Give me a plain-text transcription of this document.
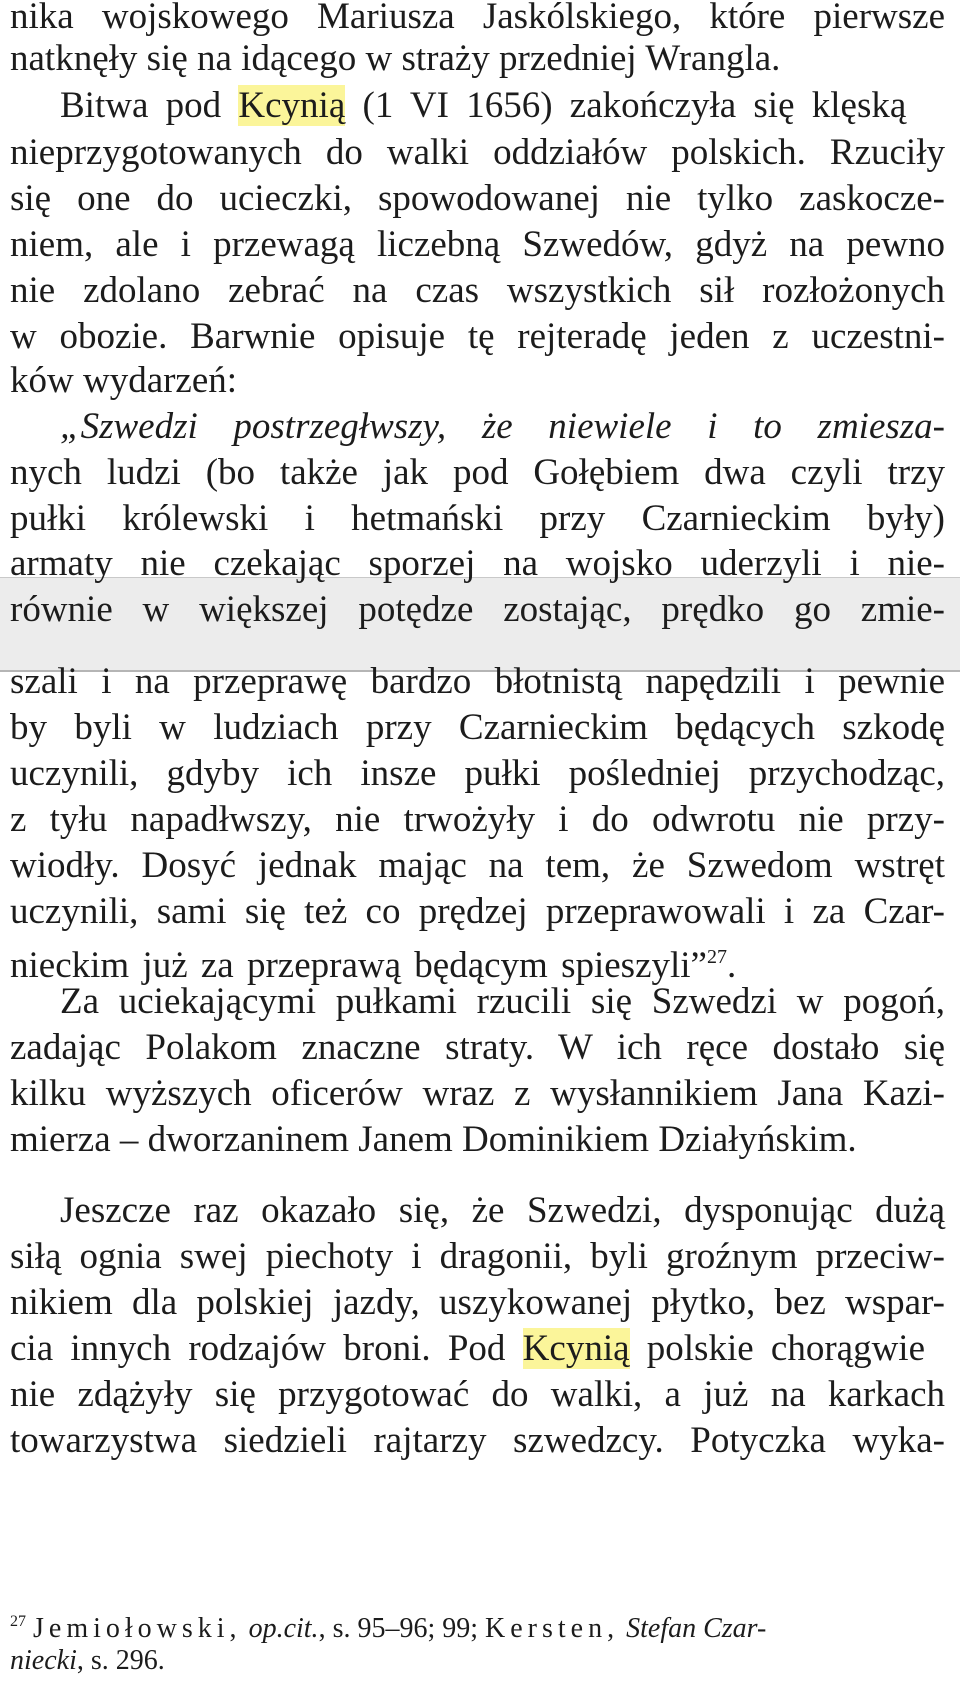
nika wojskowego Mariusza Jaskólskiego, które pierwsze
natknęły się na idącego w straży przedniej Wrangla.
Bitwa pod Kcynią (1 VI 1656) zakończyła się klęską
nieprzygotowanych do walki oddziałów polskich. Rzuciły
się one do ucieczki, spowodowanej nie tylko zaskocze-
niem, ale i przewagą liczebną Szwedów, gdyż na pewno
nie zdolano zebrać na czas wszystkich sił rozłożonych
w obozie. Barwnie opisuje tę rejteradę jeden z uczestni-
ków wydarzeń:
„Szwedzi postrzegłwszy, że niewiele i to zmiesza-
nych ludzi (bo także jak pod Gołębiem dwa czyli trzy
pułki królewski i hetmański przy Czarnieckim były)
armaty nie czekając sporzej na wojsko uderzyli i nie-
równie w większej potędze zostając, prędko go zmie-
szali i na przeprawę bardzo błotnistą napędzili i pewnie
by byli w ludziach przy Czarnieckim będących szkodę
uczynili, gdyby ich insze pułki pośledniej przychodząc,
z tyłu napadłwszy, nie trwożyły i do odwrotu nie przy-
wiodły. Dosyć jednak mając na tem, że Szwedom wstręt
uczynili, sami się też co prędzej przeprawowali i za Czar-
nieckim już za przeprawą będącym spieszyli”$^{27}$.
Za uciekającymi pułkami rzucili się Szwedzi w pogoń,
zadając Polakom znaczne straty. W ich ręce dostało się
kilku wyższych oficerów wraz z wysłannikiem Jana Kazi-
mierza – dworzaninem Janem Dominikiem Działyńskim.
Jeszcze raz okazało się, że Szwedzi, dysponując dużą
siłą ognia swej piechoty i dragonii, byli groźnym przeciw-
nikiem dla polskiej jazdy, uszykowanej płytko, bez wspar-
cia innych rodzajów broni. Pod Kcynią polskie chorągwie
nie zdążyły się przygotować do walki, a już na karkach
towarzystwa siedzieli rajtarzy szwedzcy. Potyczka wyka-
$^{27}$ Jemiołowski, op.cit., s. 95–96; 99; Kersten, Stefan Czar-
niecki, s. 296.
